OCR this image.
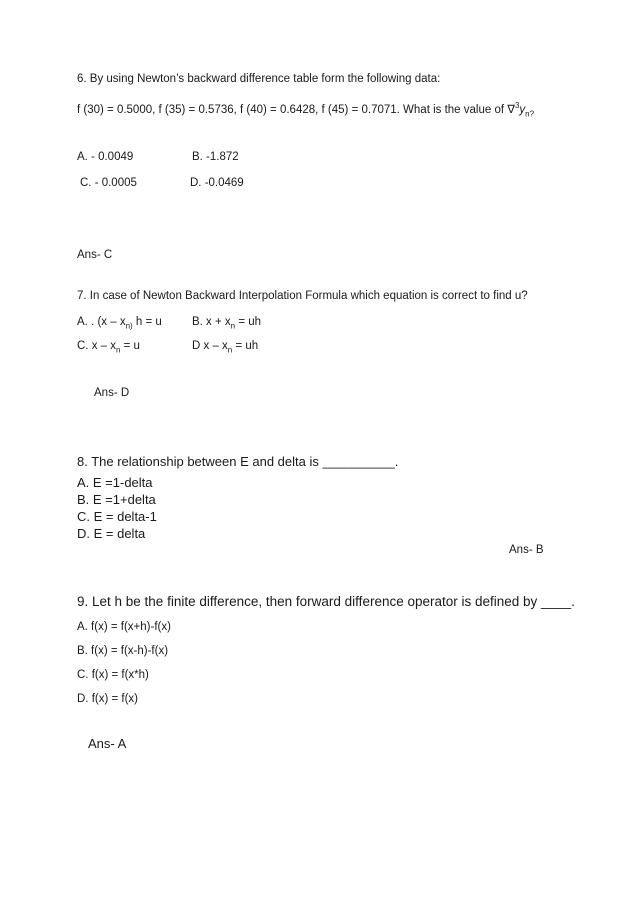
6. By using Newton’s backward difference table form the following data:
f (30) = 0.5000, f (35) = 0.5736, f (40) = 0.6428, f (45) = 0.7071. What is the value of $\nabla^3y_{n?}$
A. - 0.0049	B. -1.872
C. - 0.0005	D. -0.0469
Ans- C
7. In case of Newton Backward Interpolation Formula which equation is correct to find u?
A. . ($x - x_{n)}$ h = u	B. $x + x_n$ = uh
C. $x - x_n = u$	D x – $x_n$ = uh
Ans- D
8. The relationship between E and delta is __________.
A. E =1-delta
B. E =1+delta
C. E = delta-1
D. E = delta
Ans- B
9. Let h be the finite difference, then forward difference operator is defined by ____.
A. f(x) = f(x+h)-f(x)
B. f(x) = f(x-h)-f(x)
C. f(x) = f(x*h)
D. f(x) = f(x)
Ans- A
